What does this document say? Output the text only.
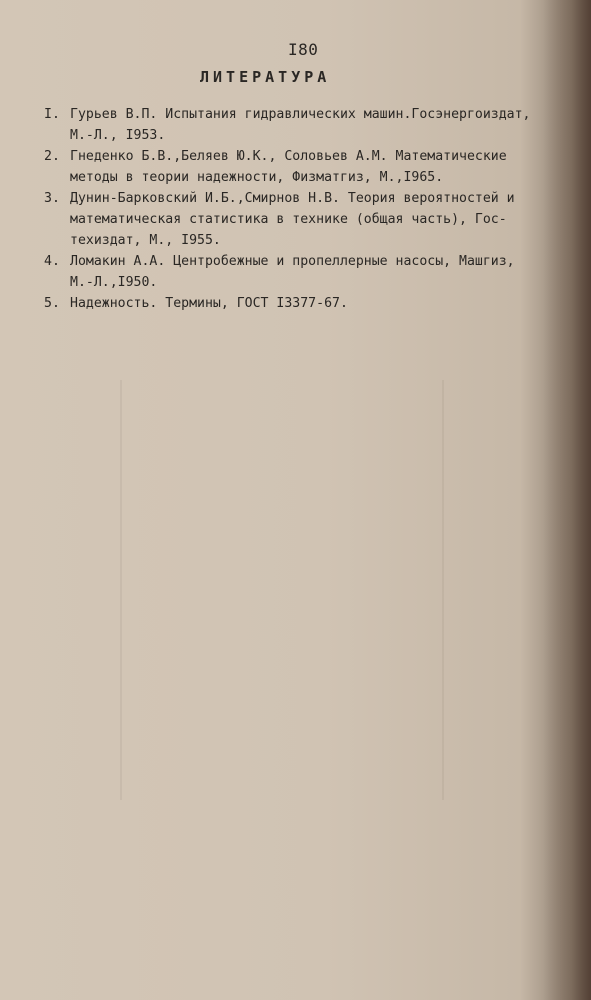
I80
ЛИТЕРАТУРА
I. Гурьев В.П. Испытания гидравлических машин.Госэнергоиздат,
М.-Л., I953.
2. Гнеденко Б.В.,Беляев Ю.К., Соловьев А.М. Математические
методы в теории надежности, Физматгиз, М.,I965.
3. Дунин-Барковский И.Б.,Смирнов Н.В. Теория вероятностей и
математическая статистика в технике (общая часть), Гос-
техиздат, М., I955.
4. Ломакин А.А. Центробежные и пропеллерные насосы, Машгиз,
М.-Л.,I950.
5. Надежность. Термины, ГОСТ I3377-67.
